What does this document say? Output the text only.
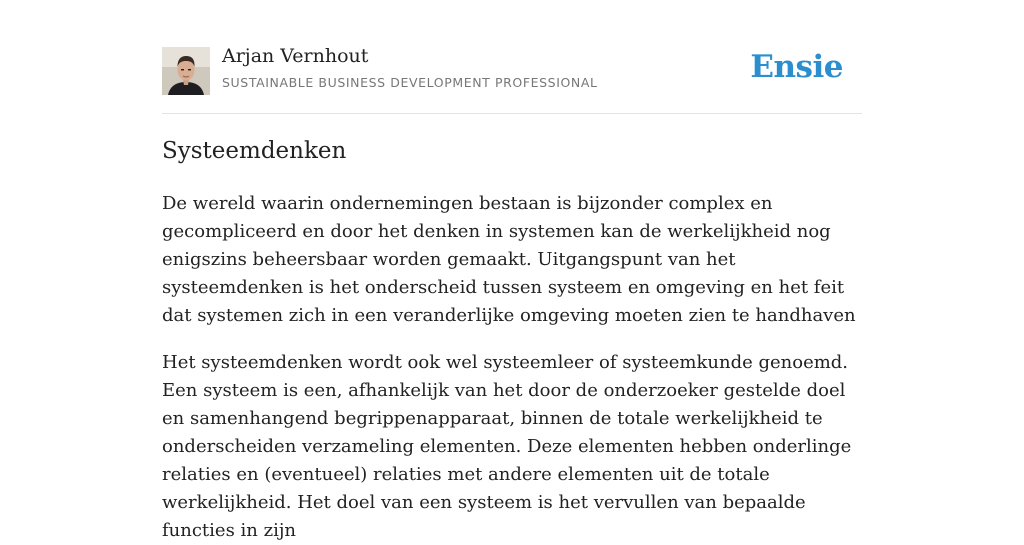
Arjan Vernhout
SUSTAINABLE BUSINESS DEVELOPMENT PROFESSIONAL	Ensie
Systeemdenken

De wereld waarin ondernemingen bestaan is bijzonder complex en gecompliceerd en door het denken in systemen kan de werkelijkheid nog enigszins beheersbaar worden gemaakt. Uitgangspunt van het systeemdenken is het onderscheid tussen systeem en omgeving en het feit dat systemen zich in een veranderlijke omgeving moeten zien te handhaven

Het systeemdenken wordt ook wel systeemleer of systeemkunde genoemd. Een systeem is een, afhankelijk van het door de onderzoeker gestelde doel en samenhangend begrippenapparaat, binnen de totale werkelijkheid te onderscheiden verzameling elementen. Deze elementen hebben onderlinge relaties en (eventueel) relaties met andere elementen uit de totale werkelijkheid. Het doel van een systeem is het vervullen van bepaalde functies in zijn
